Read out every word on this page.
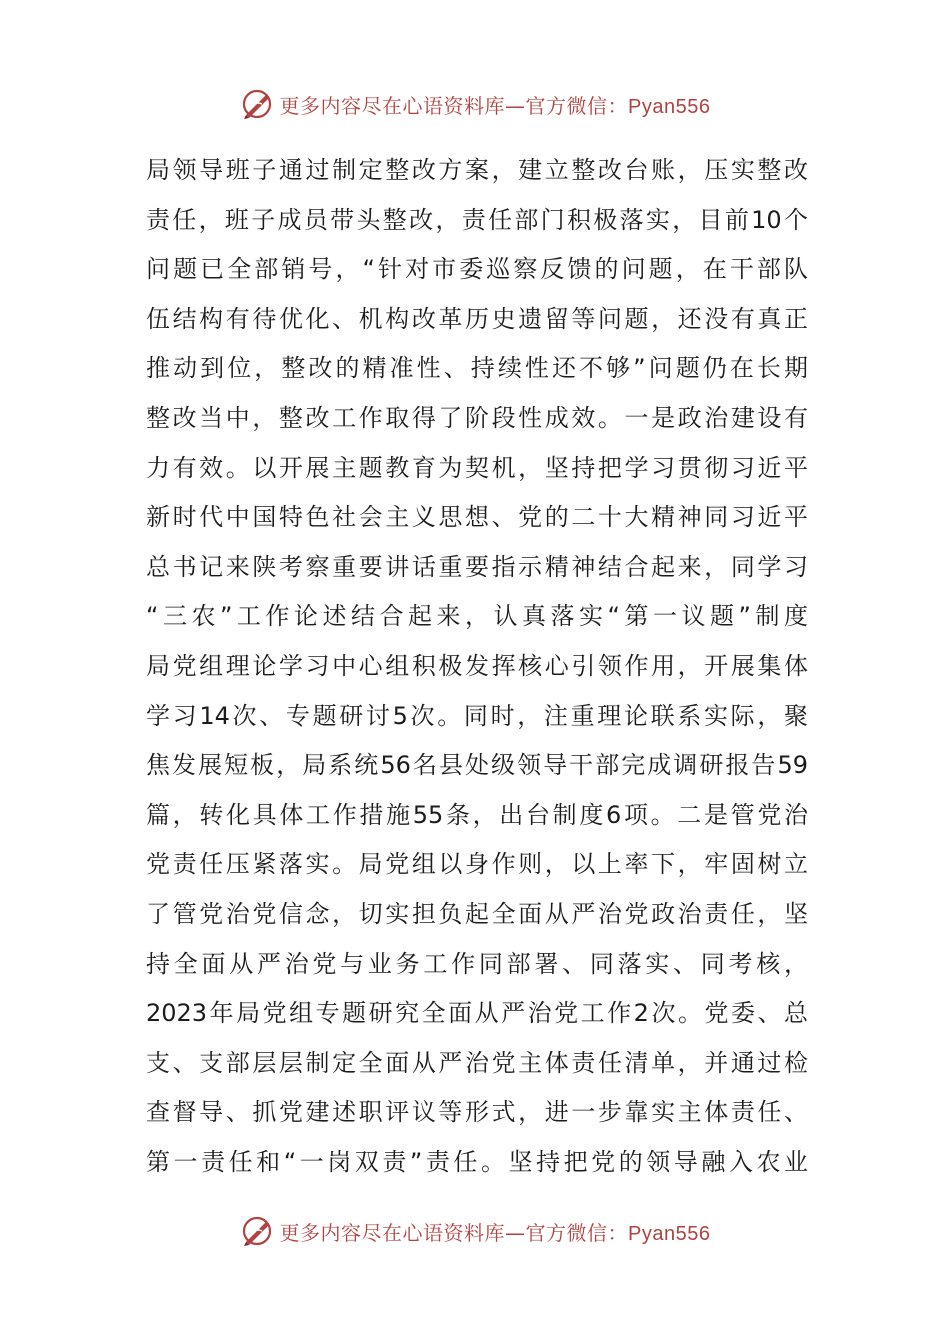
更多内容尽在心语资料库—官方微信：Pyan556
局领导班子通过制定整改方案，建立整改台账，压实整改
责任，班子成员带头整改，责任部门积极落实，目前10个
问题已全部销号，“针对市委巡察反馈的问题，在干部队
伍结构有待优化、机构改革历史遗留等问题，还没有真正
推动到位，整改的精准性、持续性还不够”问题仍在长期
整改当中，整改工作取得了阶段性成效。一是政治建设有
力有效。以开展主题教育为契机，坚持把学习贯彻习近平
新时代中国特色社会主义思想、党的二十大精神同习近平
总书记来陕考察重要讲话重要指示精神结合起来，同学习
“三农”工作论述结合起来，认真落实“第一议题”制度
局党组理论学习中心组积极发挥核心引领作用，开展集体
学习14次、专题研讨5次。同时，注重理论联系实际，聚
焦发展短板，局系统56名县处级领导干部完成调研报告59
篇，转化具体工作措施55条，出台制度6项。二是管党治
党责任压紧落实。局党组以身作则，以上率下，牢固树立
了管党治党信念，切实担负起全面从严治党政治责任，坚
持全面从严治党与业务工作同部署、同落实、同考核，
2023年局党组专题研究全面从严治党工作2次。党委、总
支、支部层层制定全面从严治党主体责任清单，并通过检
查督导、抓党建述职评议等形式，进一步靠实主体责任、
第一责任和“一岗双责”责任。坚持把党的领导融入农业
更多内容尽在心语资料库—官方微信：Pyan556
